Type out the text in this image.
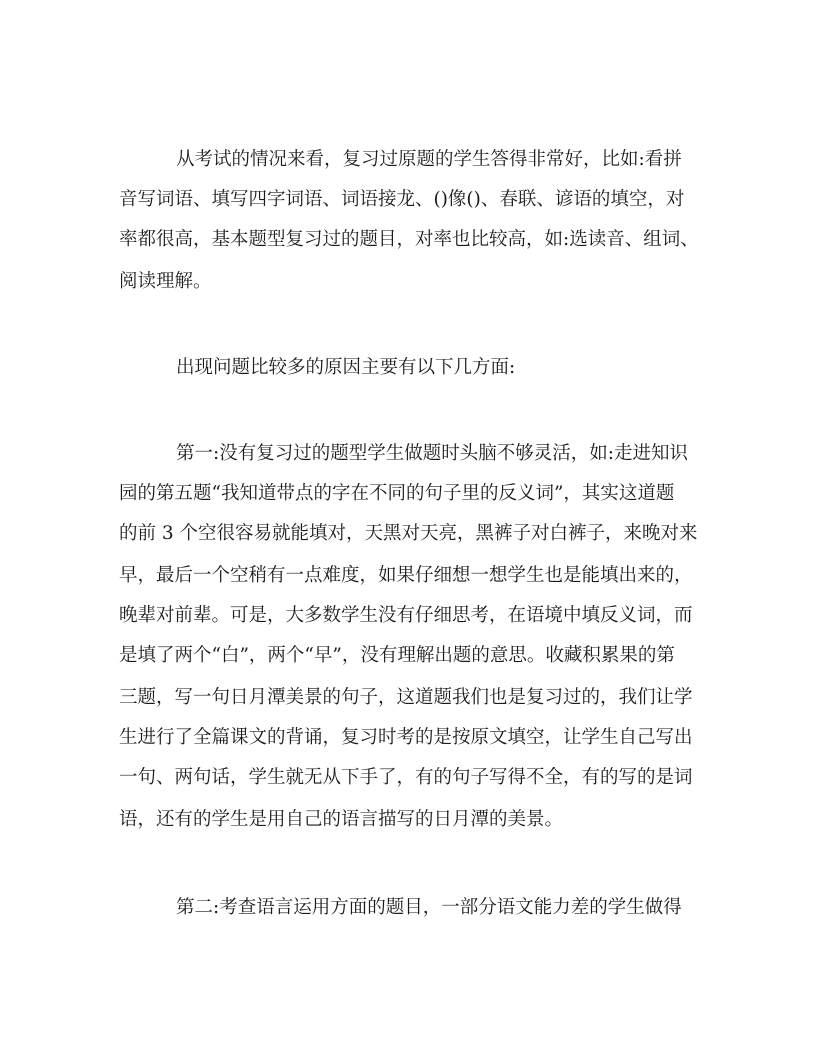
从考试的情况来看，复习过原题的学生答得非常好，比如:看拼
音写词语、填写四字词语、词语接龙、()像()、春联、谚语的填空，对
率都很高，基本题型复习过的题目，对率也比较高，如:选读音、组词、
阅读理解。
出现问题比较多的原因主要有以下几方面:
第一:没有复习过的题型学生做题时头脑不够灵活，如:走进知识
园的第五题“我知道带点的字在不同的句子里的反义词”，其实这道题
的前 3 个空很容易就能填对，天黑对天亮，黑裤子对白裤子，来晚对来
早，最后一个空稍有一点难度，如果仔细想一想学生也是能填出来的，
晚辈对前辈。可是，大多数学生没有仔细思考，在语境中填反义词，而
是填了两个“白”，两个“早”，没有理解出题的意思。收藏积累果的第
三题，写一句日月潭美景的句子，这道题我们也是复习过的，我们让学
生进行了全篇课文的背诵，复习时考的是按原文填空，让学生自己写出
一句、两句话，学生就无从下手了，有的句子写得不全，有的写的是词
语，还有的学生是用自己的语言描写的日月潭的美景。
第二:考查语言运用方面的题目，一部分语文能力差的学生做得
